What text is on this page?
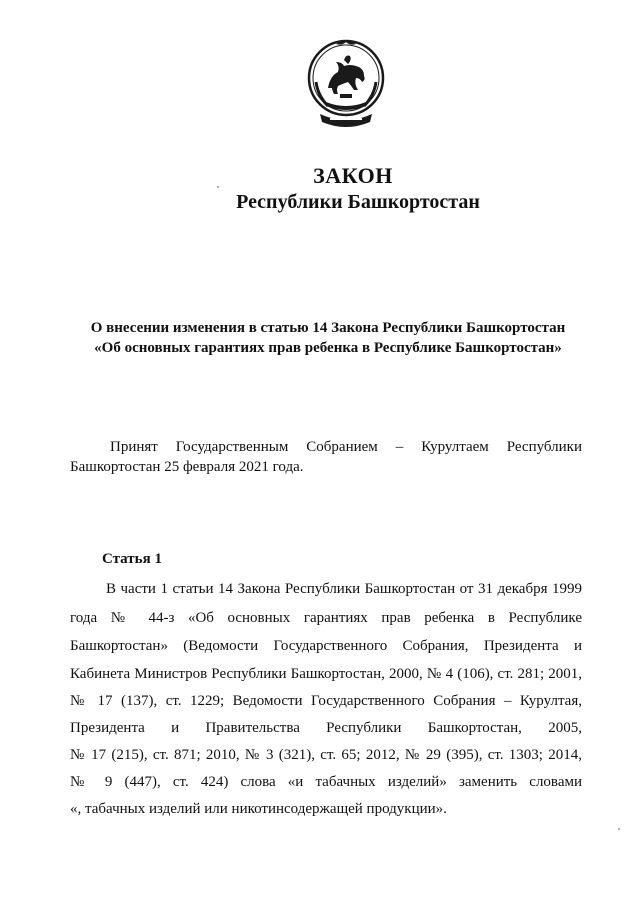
ЗАКОН
Республики Башкортостан
О внесении изменения в статью 14 Закона Республики Башкортостан
«Об основных гарантиях прав ребенка в Республике Башкортостан»
Принят Государственным Собранием – Курултаем Республики
Башкортостан 25 февраля 2021 года.
Статья 1
В части 1 статьи 14 Закона Республики Башкортостан от 31 декабря 1999
года № 44-з «Об основных гарантиях прав ребенка в Республике
Башкортостан» (Ведомости Государственного Собрания, Президента и
Кабинета Министров Республики Башкортостан, 2000, № 4 (106), ст. 281; 2001,
№ 17 (137), ст. 1229; Ведомости Государственного Собрания – Курултая,
Президента и Правительства Республики Башкортостан, 2005,
№ 17 (215), ст. 871; 2010, № 3 (321), ст. 65; 2012, № 29 (395), ст. 1303; 2014,
№ 9 (447), ст. 424) слова «и табачных изделий» заменить словами
«, табачных изделий или никотинсодержащей продукции».
